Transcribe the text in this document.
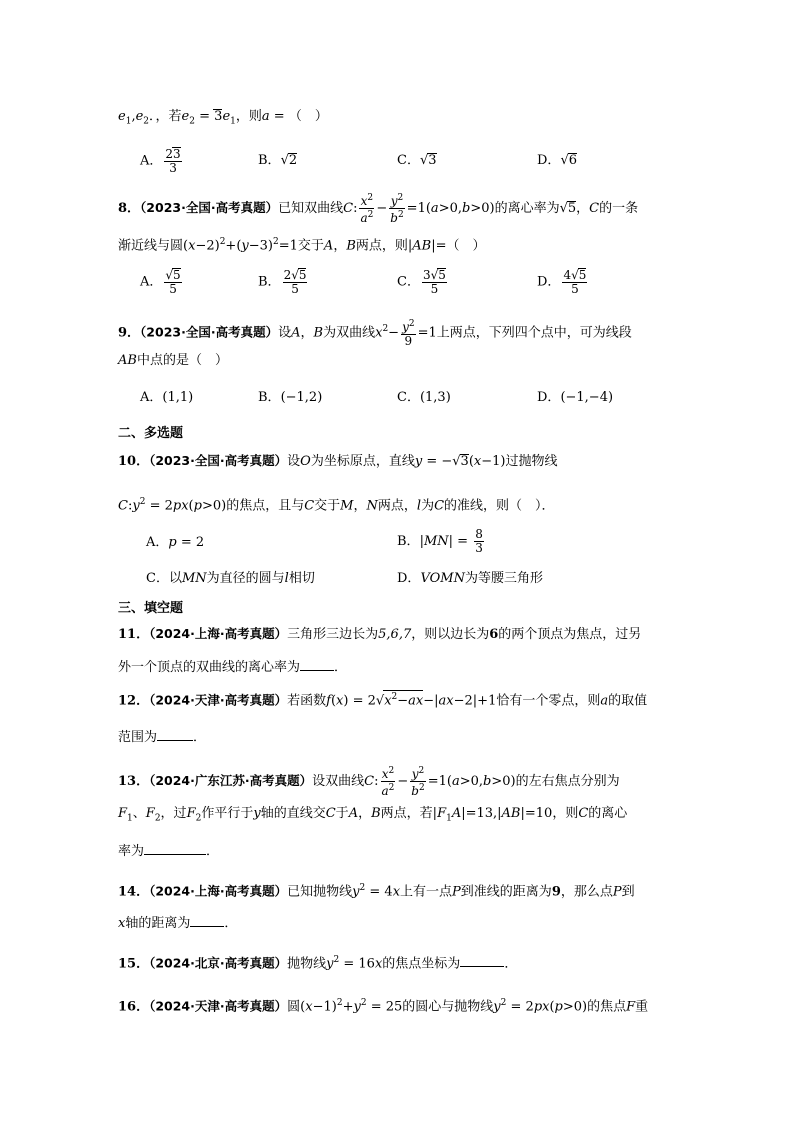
$e_1,e_2$．，若$e_2 = 3e_1$，则a = （　）
A． $\frac{23}{3}$	B．√2	C．√3	D．√6
8．（2023·全国·高考真题）已知双曲线C: $\frac{x^2}{a^2} - \frac{y^2}{b^2} =1(a>0,b>0)$的离心率为√5，C的一条
渐近线与圆$(x-2)^2+(y-3)^2=1$交于A，B两点，则|AB|=（　）
A． $\frac{√5}{5}$	B． $\frac{2√5}{5}$	C． $\frac{3√5}{5}$	D． $\frac{4√5}{5}$
9．（2023·全国·高考真题）设A，B为双曲线$x^2- \frac{y^2}{9} =1$上两点，下列四个点中，可为线段
AB中点的是（　）
A．(1,1)	B．(−1,2)	C．(1,3)	D．(−1,−4)
二、多选题
10．（2023·全国·高考真题）设O为坐标原点，直线y = −√3(x−1)过抛物线
$C:y^2 = 2px(p>0)$的焦点，且与C交于M，N两点，l为C的准线，则（　）．
A．p = 2	B．$|MN| = \frac{8}{3}$
C．以MN为直径的圆与l相切	D．VOMN为等腰三角形
三、填空题
11．（2024·上海·高考真题）三角形三边长为5,6,7，则以边长为6的两个顶点为焦点，过另
外一个顶点的双曲线的离心率为	．
12．（2024·天津·高考真题）若函数$f(x) = 2√x^2-ax-|ax-2|+1$恰有一个零点，则a的取值
范围为	．
13．（2024·广东江苏·高考真题）设双曲线C: $\frac{x^2}{a^2} - \frac{y^2}{b^2} =1(a>0,b>0)$的左右焦点分别为
$F_1$、$F_2$，过$F_2$作平行于y轴的直线交C于A，B两点，若$|F_1A|=13,|AB|=10$，则C的离心
率为	．
14．（2024·上海·高考真题）已知抛物线$y^2 = 4x$上有一点P到准线的距离为9，那么点P到
x轴的距离为	．
15．（2024·北京·高考真题）抛物线$y^2 = 16x$的焦点坐标为	．
16．（2024·天津·高考真题）圆$(x-1)^2+y^2 = 25$的圆心与抛物线$y^2 = 2px(p>0)$的焦点F重
